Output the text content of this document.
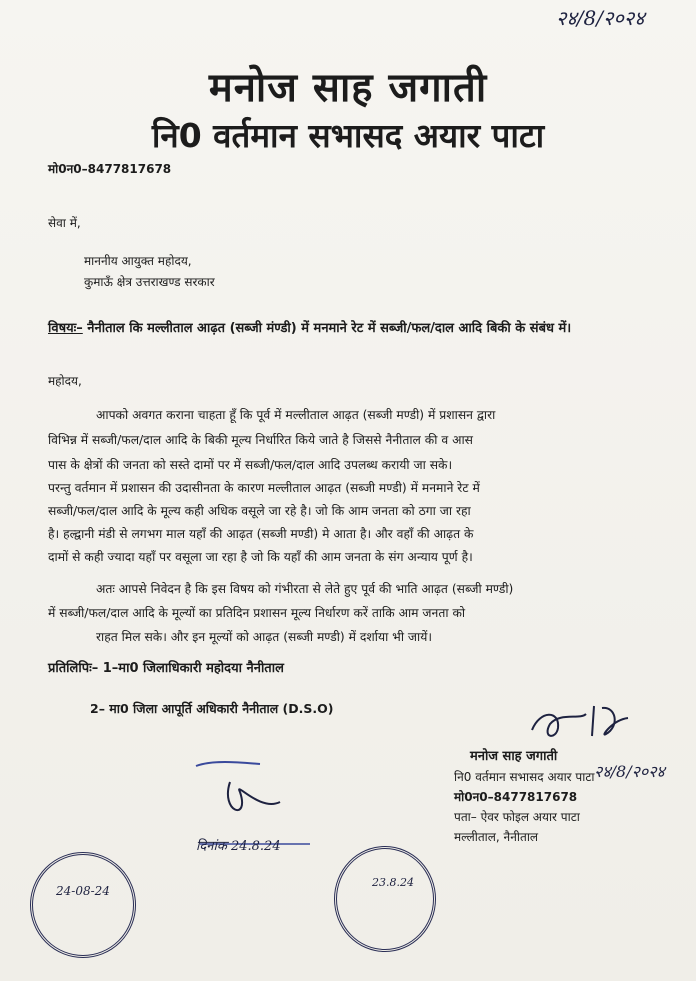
२४/8/२०२४
मनोज साह जगाती
नि0 वर्तमान सभासद अयार पाटा
मो0न0–8477817678
सेवा में,
माननीय आयुक्त महोदय,
कुमाऊँ क्षेत्र उत्तराखण्ड सरकार
विषयः– नैनीताल कि मल्लीताल आढ़त (सब्जी मंण्डी) में मनमाने रेट में सब्जी/फल/दाल आदि बिकी के संबंध में।
महोदय,
आपको अवगत कराना चाहता हूँ कि पूर्व में मल्लीताल आढ़त (सब्जी मण्डी) में प्रशासन द्वारा
विभिन्न में सब्जी/फल/दाल आदि के बिकी मूल्य निर्धारित किये जाते है जिससे नैनीताल की व आस
पास के क्षेत्रों की जनता को सस्ते दामों पर में सब्जी/फल/दाल आदि उपलब्ध करायी जा सके।
परन्तु वर्तमान में प्रशासन की उदासीनता के कारण मल्लीताल आढ़त (सब्जी मण्डी) में मनमाने रेट में
सब्जी/फल/दाल आदि के मूल्य कही अधिक वसूले जा रहे है। जो कि आम जनता को ठगा जा रहा
है। हल्द्वानी मंडी से लगभग माल यहॉं की आढ़त (सब्जी मण्डी) मे आता है। और वहॉं की आढ़त के
दामों से कही ज्यादा यहॉं पर वसूला जा रहा है जो कि यहॉं की आम जनता के संग अन्याय पूर्ण है।
अतः आपसे निवेदन है कि इस विषय को गंभीरता से लेते हुए पूर्व की भाति आढ़त (सब्जी मण्डी)
में सब्जी/फल/दाल आदि के मूल्यों का प्रतिदिन प्रशासन मूल्य निर्धारण करें ताकि आम जनता को
राहत मिल सके। और इन मूल्यों को आढ़त (सब्जी मण्डी) में दर्शाया भी जायें।
प्रतिलिपिः– 1–मा0 जिलाधिकारी महोदया नैनीताल
2– मा0 जिला आपूर्ति अधिकारी नैनीताल (D.S.O)
मनोज साह जगाती
नि0 वर्तमान सभासद अयार पाटा
मो0न0–8477817678
पता– ऐवर फोइल अयार पाटा
मल्लीताल, नैनीताल
२४/8/२०२४
दिनांक 24.8.24
24-08-24
23.8.24
